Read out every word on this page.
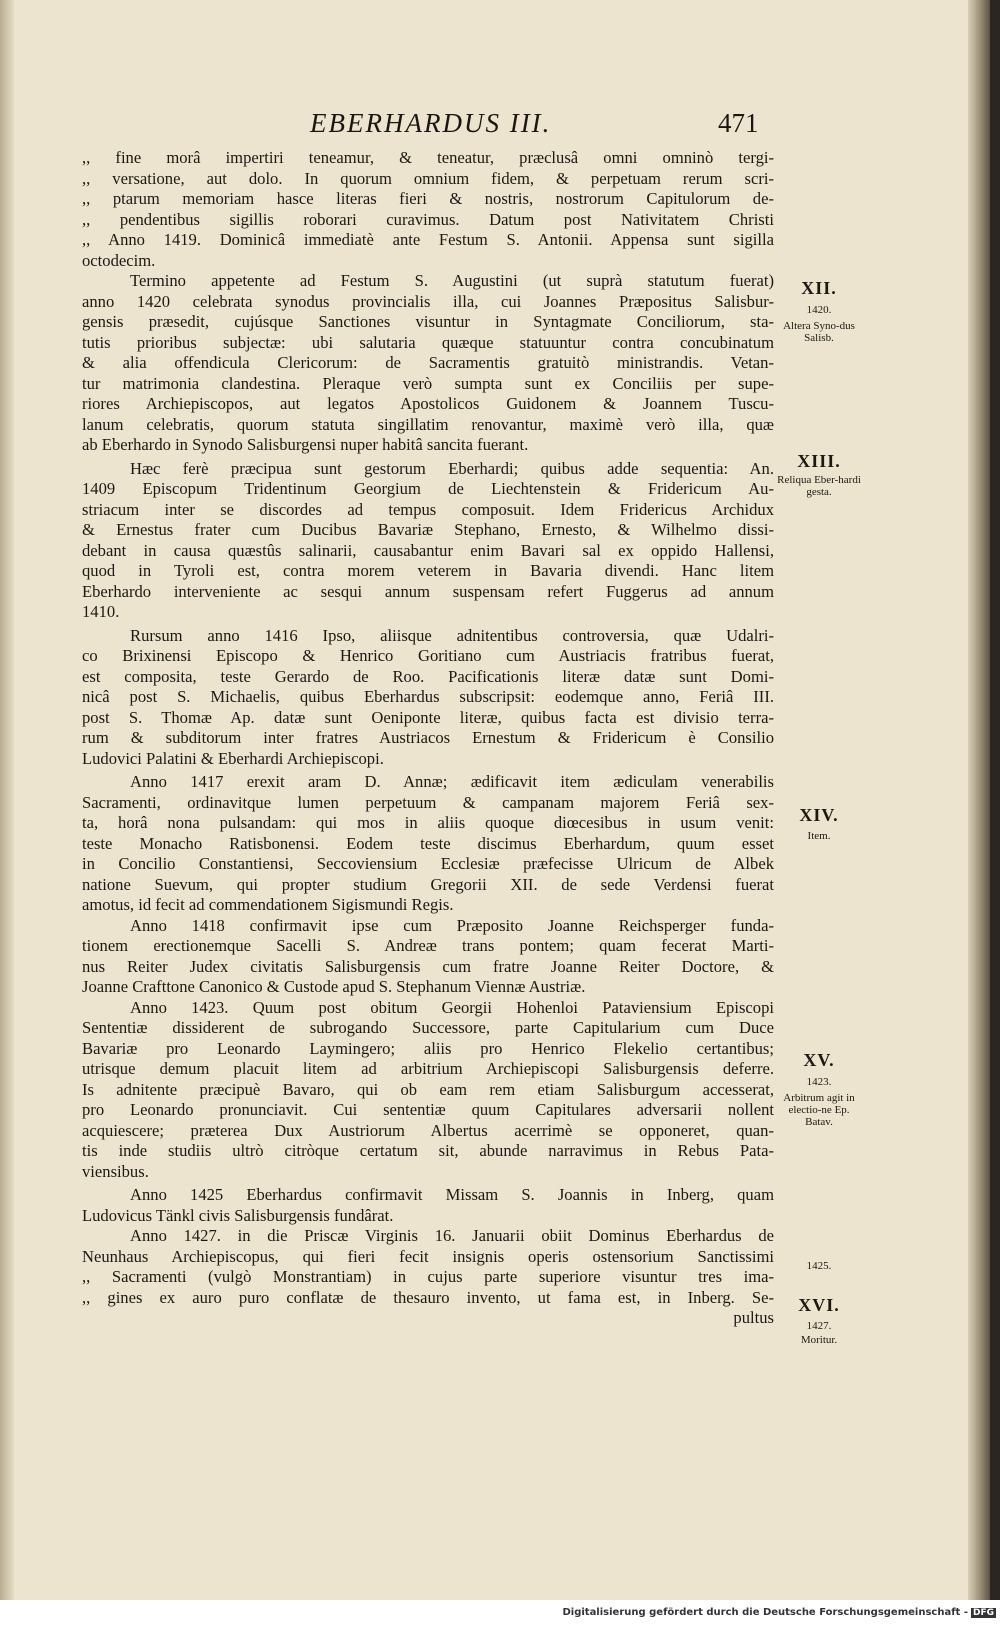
EBERHARDUS III.	471
,, fine morâ impertiri teneamur, & teneatur, præclusâ omni omninò tergi-
,, versatione, aut dolo. In quorum omnium fidem, & perpetuam rerum scri-
,, ptarum memoriam hasce literas fieri & nostris, nostrorum Capitulorum de-
,, pendentibus sigillis roborari curavimus. Datum post Nativitatem Christi
,, Anno 1419. Dominicâ immediatè ante Festum S. Antonii. Appensa sunt sigilla
octodecim.
Termino appetente ad Festum S. Augustini (ut suprà statutum fuerat)
anno 1420 celebrata synodus provincialis illa, cui Joannes Præpositus Salisbur-
gensis præsedit, cujúsque Sanctiones visuntur in Syntagmate Conciliorum, sta-
tutis prioribus subjectæ: ubi salutaria quæque statuuntur contra concubinatum
& alia offendicula Clericorum: de Sacramentis gratuitò ministrandis. Vetan-
tur matrimonia clandestina. Pleraque verò sumpta sunt ex Conciliis per supe-
riores Archiepiscopos, aut legatos Apostolicos Guidonem & Joannem Tuscu-
lanum celebratis, quorum statuta singillatim renovantur, maximè verò illa, quæ
ab Eberhardo in Synodo Salisburgensi nuper habitâ sancita fuerant.
Hæc ferè præcipua sunt gestorum Eberhardi; quibus adde sequentia: An.
1409 Episcopum Tridentinum Georgium de Liechtenstein & Fridericum Au-
striacum inter se discordes ad tempus composuit. Idem Fridericus Archidux
& Ernestus frater cum Ducibus Bavariæ Stephano, Ernesto, & Wilhelmo dissi-
debant in causa quæstûs salinarii, causabantur enim Bavari sal ex oppido Hallensi,
quod in Tyroli est, contra morem veterem in Bavaria divendi. Hanc litem
Eberhardo interveniente ac sesqui annum suspensam refert Fuggerus ad annum
1410.
Rursum anno 1416 Ipso, aliisque adnitentibus controversia, quæ Udalri-
co Brixinensi Episcopo & Henrico Goritiano cum Austriacis fratribus fuerat,
est composita, teste Gerardo de Roo. Pacificationis literæ datæ sunt Domi-
nicâ post S. Michaelis, quibus Eberhardus subscripsit: eodemque anno, Feriâ III.
post S. Thomæ Ap. datæ sunt Oeniponte literæ, quibus facta est divisio terra-
rum & subditorum inter fratres Austriacos Ernestum & Fridericum è Consilio
Ludovici Palatini & Eberhardi Archiepiscopi.
Anno 1417 erexit aram D. Annæ; ædificavit item ædiculam venerabilis
Sacramenti, ordinavitque lumen perpetuum & campanam majorem Feriâ sex-
ta, horâ nona pulsandam: qui mos in aliis quoque diœcesibus in usum venit:
teste Monacho Ratisbonensi. Eodem teste discimus Eberhardum, quum esset
in Concilio Constantiensi, Seccoviensium Ecclesiæ præfecisse Ulricum de Albek
natione Suevum, qui propter studium Gregorii XII. de sede Verdensi fuerat
amotus, id fecit ad commendationem Sigismundi Regis.
Anno 1418 confirmavit ipse cum Præposito Joanne Reichsperger funda-
tionem erectionemque Sacelli S. Andreæ trans pontem; quam fecerat Marti-
nus Reiter Judex civitatis Salisburgensis cum fratre Joanne Reiter Doctore, &
Joanne Crafttone Canonico & Custode apud S. Stephanum Viennæ Austriæ.
Anno 1423. Quum post obitum Georgii Hohenloi Pataviensium Episcopi
Sententiæ dissiderent de subrogando Successore, parte Capitularium cum Duce
Bavariæ pro Leonardo Laymingero; aliis pro Henrico Flekelio certantibus;
utrisque demum placuit litem ad arbitrium Archiepiscopi Salisburgensis deferre.
Is adnitente præcipuè Bavaro, qui ob eam rem etiam Salisburgum accesserat,
pro Leonardo pronunciavit. Cui sententiæ quum Capitulares adversarii nollent
acquiescere; præterea Dux Austriorum Albertus acerrimè se opponeret, quan-
tis inde studiis ultrò citròque certatum sit, abunde narravimus in Rebus Pata-
viensibus.
Anno 1425 Eberhardus confirmavit Missam S. Joannis in Inberg, quam
Ludovicus Tänkl civis Salisburgensis fundârat.
Anno 1427. in die Priscæ Virginis 16. Januarii obiit Dominus Eberhardus de
Neunhaus Archiepiscopus, qui fieri fecit insignis operis ostensorium Sanctissimi
,, Sacramenti (vulgò Monstrantiam) in cujus parte superiore visuntur tres ima-
,, gines ex auro puro conflatæ de thesauro invento, ut fama est, in Inberg. Se-
pultus
XII.
1420.
Altera Syno-dus Salisb.
XIII.
Reliqua Eber-hardi gesta.
XIV.
Item.
XV.
1423.
Arbitrum agit in electio-ne Ep. Batav.
1425.
XVI.
1427.
Moritur.
Digitalisierung gefördert durch die Deutsche Forschungsgemeinschaft - DFG
